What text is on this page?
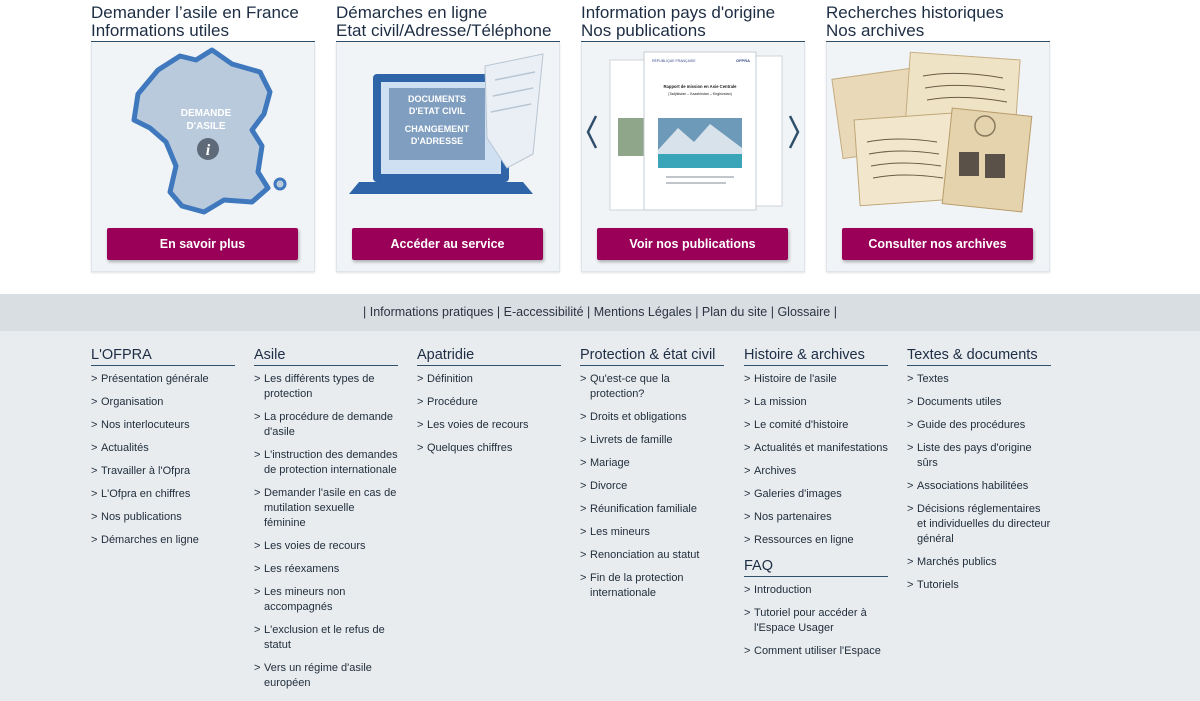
Demander l’asile en France
Informations utiles
DEMANDE
D'ASILE
i
En savoir plus
Démarches en ligne
Etat civil/Adresse/Téléphone
DOCUMENTS
D'ETAT CIVIL
CHANGEMENT
D'ADRESSE
Accéder au service
Information pays d'origine
Nos publications
RÉPUBLIQUE FRANÇAISE	OFPRA
Rapport de mission en Asie Centrale
(Tadjikistan – Kazakhstan – Kirghizstan)
Voir nos publications
Recherches historiques
Nos archives
Consulter nos archives
| Informations pratiques | E-accessibilité | Mentions Légales | Plan du site | Glossaire |
L'OFPRA
> Présentation générale
> Organisation
> Nos interlocuteurs
> Actualités
> Travailler à l'Ofpra
> L'Ofpra en chiffres
> Nos publications
> Démarches en ligne
Asile
> Les différents types de protection
> La procédure de demande d'asile
> L'instruction des demandes de protection internationale
> Demander l'asile en cas de mutilation sexuelle féminine
> Les voies de recours
> Les réexamens
> Les mineurs non accompagnés
> L'exclusion et le refus de statut
> Vers un régime d'asile européen
Apatridie
> Définition
> Procédure
> Les voies de recours
> Quelques chiffres
Protection & état civil
> Qu'est-ce que la protection?
> Droits et obligations
> Livrets de famille
> Mariage
> Divorce
> Réunification familiale
> Les mineurs
> Renonciation au statut
> Fin de la protection internationale
Histoire & archives
> Histoire de l'asile
> La mission
> Le comité d'histoire
> Actualités et manifestations
> Archives
> Galeries d'images
> Nos partenaires
> Ressources en ligne
FAQ
> Introduction
> Tutoriel pour accéder à l'Espace Usager
> Comment utiliser l'Espace
Textes & documents
> Textes
> Documents utiles
> Guide des procédures
> Liste des pays d'origine sûrs
> Associations habilitées
> Décisions réglementaires et individuelles du directeur général
> Marchés publics
> Tutoriels
